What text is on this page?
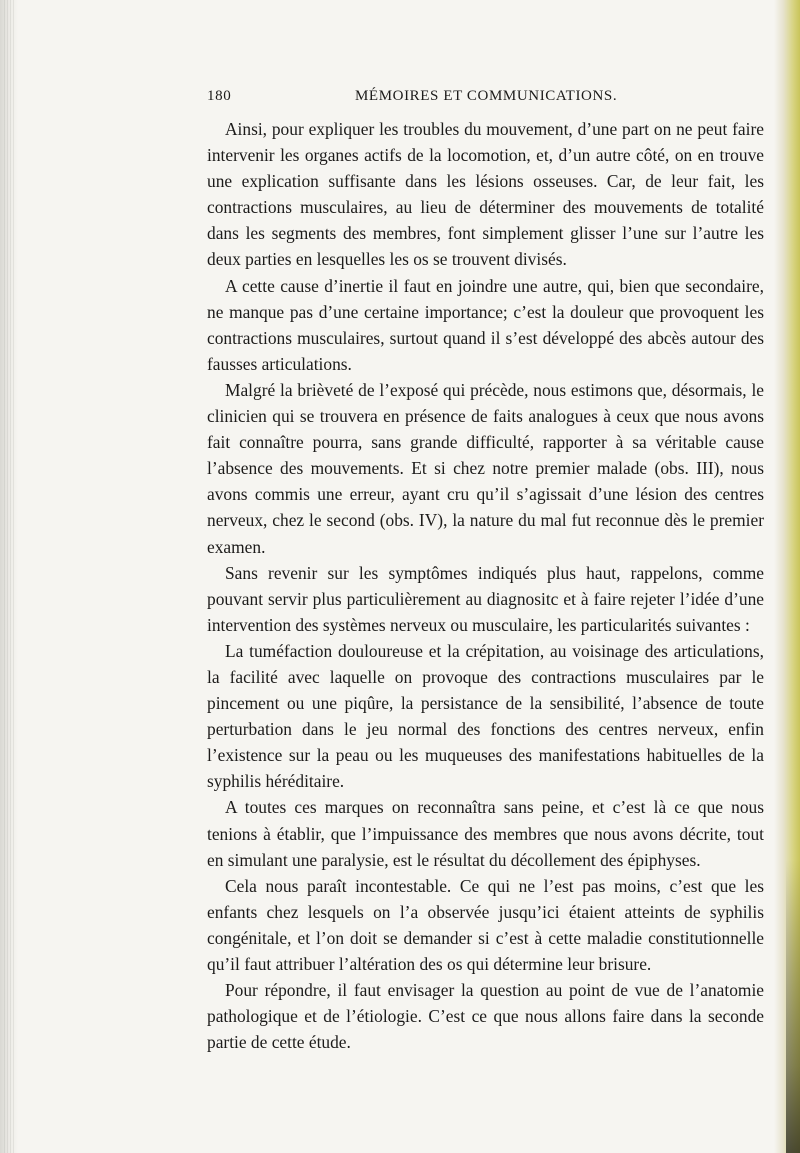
180	MÉMOIRES ET COMMUNICATIONS.

Ainsi, pour expliquer les troubles du mouvement, d’une part on ne peut faire intervenir les organes actifs de la locomotion, et, d’un autre côté, on en trouve une explication suffisante dans les lésions osseuses. Car, de leur fait, les contractions musculaires, au lieu de déterminer des mouvements de totalité dans les segments des membres, font simplement glisser l’une sur l’autre les deux parties en lesquelles les os se trouvent divisés.

A cette cause d’inertie il faut en joindre une autre, qui, bien que secondaire, ne manque pas d’une certaine importance; c’est la douleur que provoquent les contractions musculaires, surtout quand il s’est développé des abcès autour des fausses articulations.

Malgré la brièveté de l’exposé qui précède, nous estimons que, désormais, le clinicien qui se trouvera en présence de faits analogues à ceux que nous avons fait connaître pourra, sans grande difficulté, rapporter à sa véritable cause l’absence des mouvements. Et si chez notre premier malade (obs. III), nous avons commis une erreur, ayant cru qu’il s’agissait d’une lésion des centres nerveux, chez le second (obs. IV), la nature du mal fut reconnue dès le premier examen.

Sans revenir sur les symptômes indiqués plus haut, rappelons, comme pouvant servir plus particulièrement au diagnositc et à faire rejeter l’idée d’une intervention des systèmes nerveux ou musculaire, les particularités suivantes :

La tuméfaction douloureuse et la crépitation, au voisinage des articulations, la facilité avec laquelle on provoque des contractions musculaires par le pincement ou une piqûre, la persistance de la sensibilité, l’absence de toute perturbation dans le jeu normal des fonctions des centres nerveux, enfin l’existence sur la peau ou les muqueuses des manifestations habituelles de la syphilis héréditaire.

A toutes ces marques on reconnaîtra sans peine, et c’est là ce que nous tenions à établir, que l’impuissance des membres que nous avons décrite, tout en simulant une paralysie, est le résultat du décollement des épiphyses.

Cela nous paraît incontestable. Ce qui ne l’est pas moins, c’est que les enfants chez lesquels on l’a observée jusqu’ici étaient atteints de syphilis congénitale, et l’on doit se demander si c’est à cette maladie constitutionnelle qu’il faut attribuer l’altération des os qui détermine leur brisure.

Pour répondre, il faut envisager la question au point de vue de l’anatomie pathologique et de l’étiologie. C’est ce que nous allons faire dans la seconde partie de cette étude.
